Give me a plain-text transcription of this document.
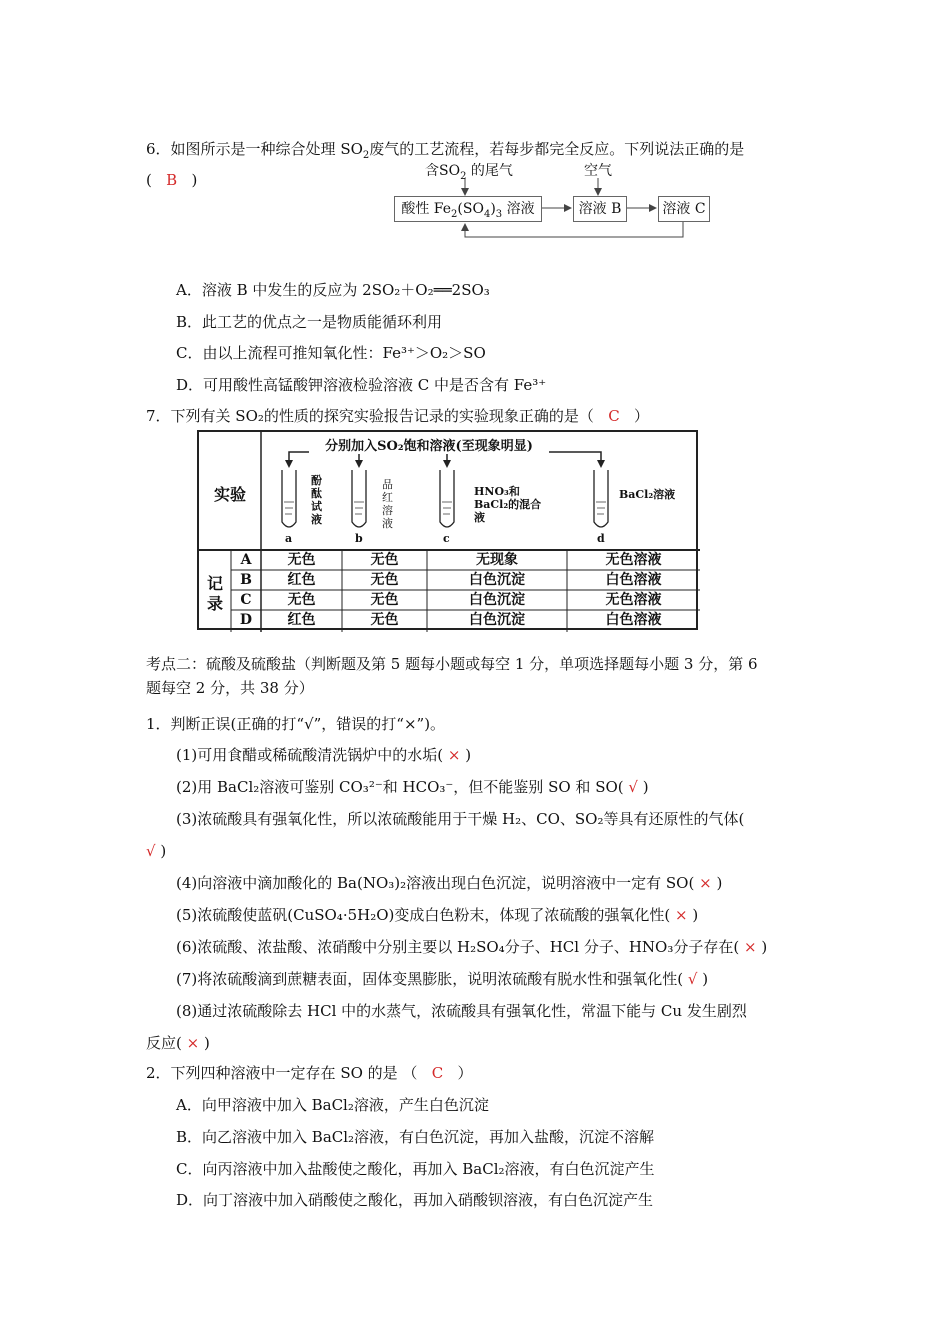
6．如图所示是一种综合处理 $SO_2$废气的工艺流程，若每步都完全反应。下列说法正确的是
( B )	含$SO_2$ 的尾气	空气
酸性 $Fe_2(SO_4)_3$ 溶液	溶液 B	溶液 C
A．溶液 B 中发生的反应为 2SO₂＋O₂══2SO₃
B．此工艺的优点之一是物质能循环利用
C．由以上流程可推知氧化性：Fe³⁺＞O₂＞SO
D．可用酸性高锰酸钾溶液检验溶液 C 中是否含有 Fe³⁺
7．下列有关 SO₂的性质的探究实验报告记录的实验现象正确的是（ C ）
分别加入SO₂饱和溶液(至现象明显)
实验
酚酞试液
品红溶液
HNO₃和BaCl₂的混合液
BaCl₂溶液
a	b	c	d
记录
A	无色	无色	无现象	无色溶液
B	红色	无色	白色沉淀	白色溶液
C	无色	无色	白色沉淀	无色溶液
D	红色	无色	白色沉淀	白色溶液
考点二：硫酸及硫酸盐（判断题及第 5 题每小题或每空 1 分，单项选择题每小题 3 分，第 6
题每空 2 分，共 38 分）
1．判断正误(正确的打“√”，错误的打“×”)。
(1)可用食醋或稀硫酸清洗锅炉中的水垢( × )
(2)用 BaCl₂溶液可鉴别 CO₃²⁻和 HCO₃⁻，但不能鉴别 SO 和 SO( √ )
(3)浓硫酸具有强氧化性，所以浓硫酸能用于干燥 H₂、CO、SO₂等具有还原性的气体(
√ )
(4)向溶液中滴加酸化的 Ba(NO₃)₂溶液出现白色沉淀，说明溶液中一定有 SO( × )
(5)浓硫酸使蓝矾(CuSO₄·5H₂O)变成白色粉末，体现了浓硫酸的强氧化性( × )
(6)浓硫酸、浓盐酸、浓硝酸中分别主要以 H₂SO₄分子、HCl 分子、HNO₃分子存在( × )
(7)将浓硫酸滴到蔗糖表面，固体变黑膨胀，说明浓硫酸有脱水性和强氧化性( √ )
(8)通过浓硫酸除去 HCl 中的水蒸气，浓硫酸具有强氧化性，常温下能与 Cu 发生剧烈
反应( × )
2．下列四种溶液中一定存在 SO 的是 （ C ）
A．向甲溶液中加入 BaCl₂溶液，产生白色沉淀
B．向乙溶液中加入 BaCl₂溶液，有白色沉淀，再加入盐酸，沉淀不溶解
C．向丙溶液中加入盐酸使之酸化，再加入 BaCl₂溶液，有白色沉淀产生
D．向丁溶液中加入硝酸使之酸化，再加入硝酸钡溶液，有白色沉淀产生
